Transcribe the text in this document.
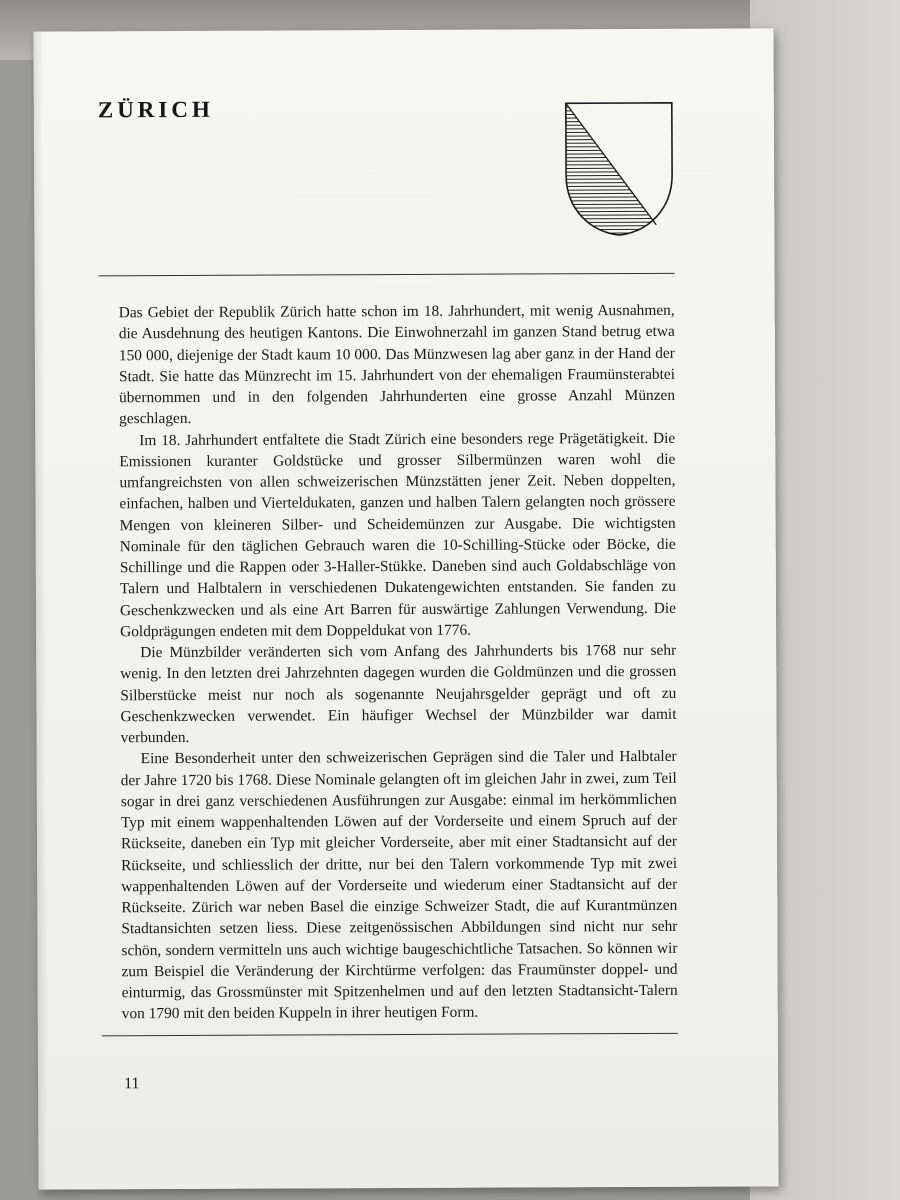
ZÜRICH

Das Gebiet der Republik Zürich hatte schon im 18. Jahrhundert, mit wenig Ausnahmen, die Ausdehnung des heutigen Kantons. Die Einwohnerzahl im ganzen Stand betrug etwa 150 000, diejenige der Stadt kaum 10 000. Das Münzwesen lag aber ganz in der Hand der Stadt. Sie hatte das Münzrecht im 15. Jahrhundert von der ehemaligen Fraumünsterabtei übernommen und in den folgenden Jahrhunderten eine grosse Anzahl Münzen geschlagen.

Im 18. Jahrhundert entfaltete die Stadt Zürich eine besonders rege Prägetätigkeit. Die Emissionen kuranter Goldstücke und grosser Silbermünzen waren wohl die umfangreichsten von allen schweizerischen Münzstätten jener Zeit. Neben doppelten, einfachen, halben und Vierteldukaten, ganzen und halben Talern gelangten noch grössere Mengen von kleineren Silber- und Scheidemünzen zur Ausgabe. Die wichtigsten Nominale für den täglichen Gebrauch waren die 10-Schilling-Stücke oder Böcke, die Schillinge und die Rappen oder 3-Haller-Stükke. Daneben sind auch Goldabschläge von Talern und Halbtalern in verschiedenen Dukatengewichten entstanden. Sie fanden zu Geschenkzwecken und als eine Art Barren für auswärtige Zahlungen Verwendung. Die Goldprägungen endeten mit dem Doppeldukat von 1776.

Die Münzbilder veränderten sich vom Anfang des Jahrhunderts bis 1768 nur sehr wenig. In den letzten drei Jahrzehnten dagegen wurden die Goldmünzen und die grossen Silberstücke meist nur noch als sogenannte Neujahrsgelder geprägt und oft zu Geschenkzwecken verwendet. Ein häufiger Wechsel der Münzbilder war damit verbunden.

Eine Besonderheit unter den schweizerischen Geprägen sind die Taler und Halbtaler der Jahre 1720 bis 1768. Diese Nominale gelangten oft im gleichen Jahr in zwei, zum Teil sogar in drei ganz verschiedenen Ausführungen zur Ausgabe: einmal im herkömmlichen Typ mit einem wappenhaltenden Löwen auf der Vorderseite und einem Spruch auf der Rückseite, daneben ein Typ mit gleicher Vorderseite, aber mit einer Stadtansicht auf der Rückseite, und schliesslich der dritte, nur bei den Talern vorkommende Typ mit zwei wappenhaltenden Löwen auf der Vorderseite und wiederum einer Stadtansicht auf der Rückseite. Zürich war neben Basel die einzige Schweizer Stadt, die auf Kurantmünzen Stadtansichten setzen liess. Diese zeitgenössischen Abbildungen sind nicht nur sehr schön, sondern vermitteln uns auch wichtige baugeschichtliche Tatsachen. So können wir zum Beispiel die Veränderung der Kirchtürme verfolgen: das Fraumünster doppel- und einturmig, das Grossmünster mit Spitzenhelmen und auf den letzten Stadtansicht-Talern von 1790 mit den beiden Kuppeln in ihrer heutigen Form.

11
